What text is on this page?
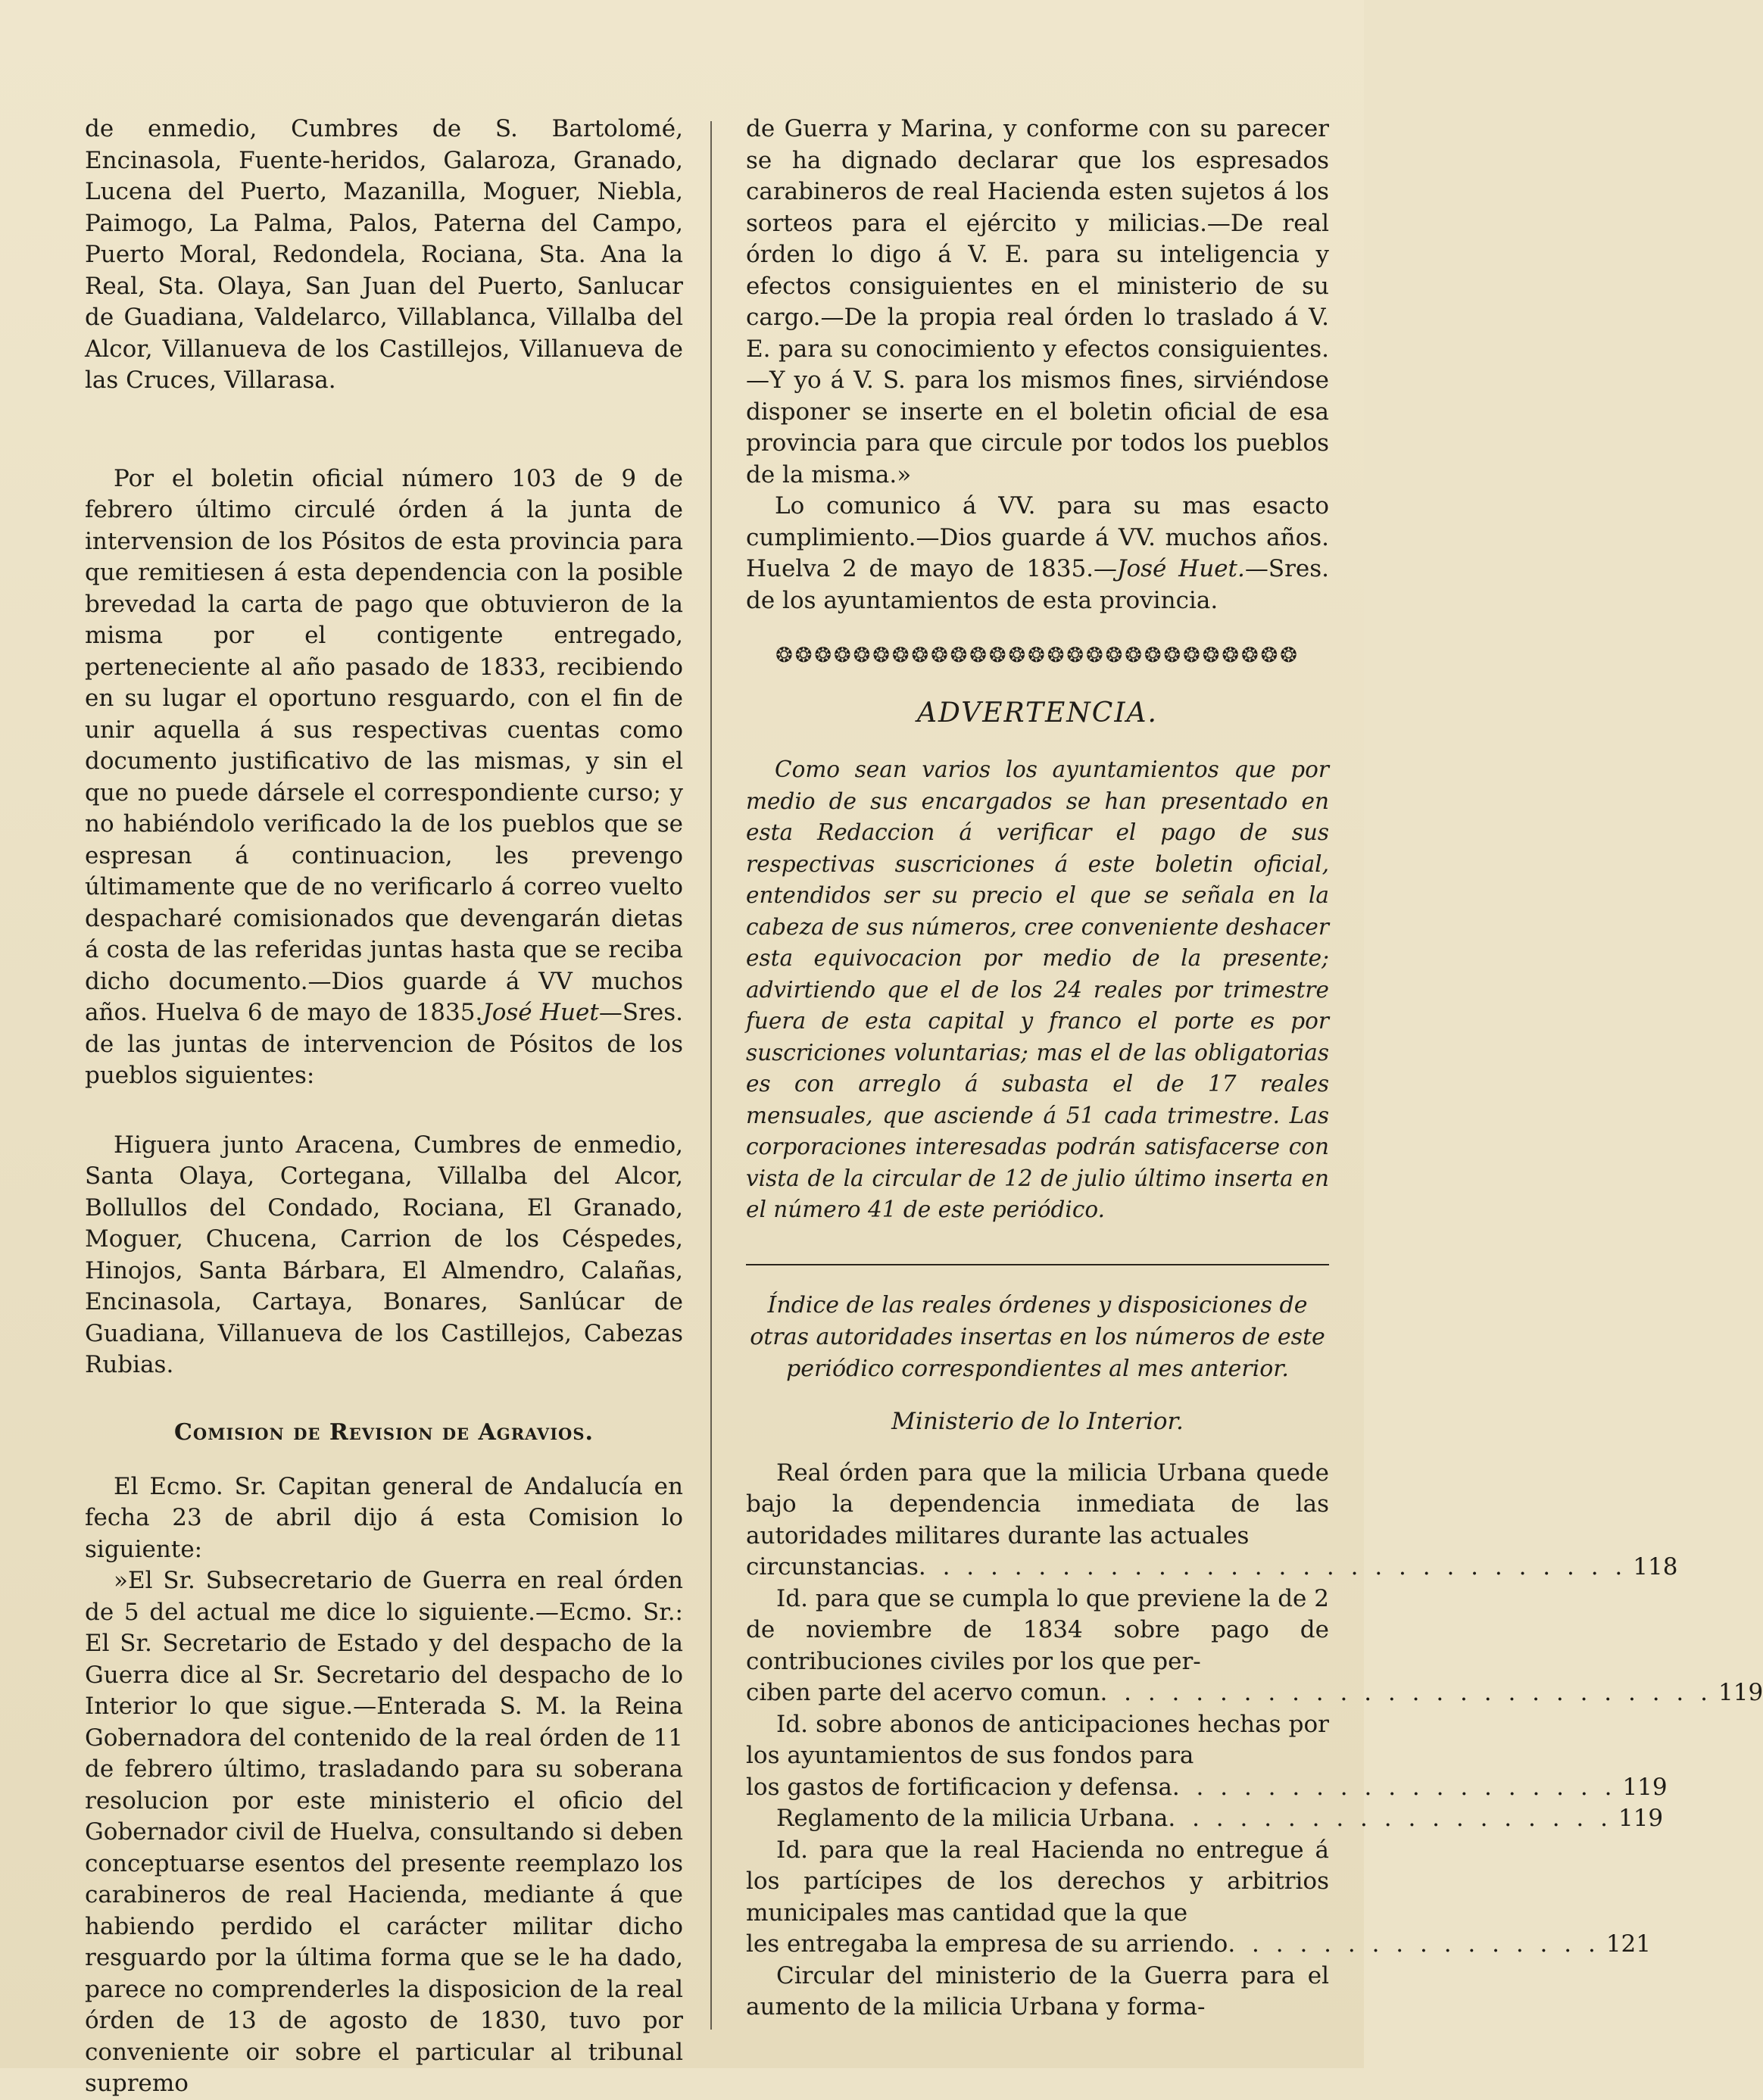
de enmedio, Cumbres de S. Bartolomé, Encinasola, Fuente-heridos, Galaroza, Granado, Lucena del Puerto, Mazanilla, Moguer, Niebla, Paimogo, La Palma, Palos, Paterna del Campo, Puerto Moral, Redondela, Rociana, Sta. Ana la Real, Sta. Olaya, San Juan del Puerto, Sanlucar de Guadiana, Valdelarco, Villablanca, Villalba del Alcor, Villanueva de los Castillejos, Villanueva de las Cruces, Villarasa.

Por el boletin oficial número 103 de 9 de febrero último circulé órden á la junta de intervension de los Pósitos de esta provincia para que remitiesen á esta dependencia con la posible brevedad la carta de pago que obtuvieron de la misma por el contigente entregado, perteneciente al año pasado de 1833, recibiendo en su lugar el oportuno resguardo, con el fin de unir aquella á sus respectivas cuentas como documento justificativo de las mismas, y sin el que no puede dársele el correspondiente curso; y no habiéndolo verificado la de los pueblos que se espresan á continuacion, les prevengo últimamente que de no verificarlo á correo vuelto despacharé comisionados que devengarán dietas á costa de las referidas juntas hasta que se reciba dicho documento.—Dios guarde á VV muchos años. Huelva 6 de mayo de 1835.José Huet—Sres. de las juntas de intervencion de Pósitos de los pueblos siguientes:

Higuera junto Aracena, Cumbres de enmedio, Santa Olaya, Cortegana, Villalba del Alcor, Bollullos del Condado, Rociana, El Granado, Moguer, Chucena, Carrion de los Céspedes, Hinojos, Santa Bárbara, El Almendro, Calañas, Encinasola, Cartaya, Bonares, Sanlúcar de Guadiana, Villanueva de los Castillejos, Cabezas Rubias.

Comision de Revision de Agravios.

El Ecmo. Sr. Capitan general de Andalucía en fecha 23 de abril dijo á esta Comision lo siguiente:

»El Sr. Subsecretario de Guerra en real órden de 5 del actual me dice lo siguiente.—Ecmo. Sr.: El Sr. Secretario de Estado y del despacho de la Guerra dice al Sr. Secretario del despacho de lo Interior lo que sigue.—Enterada S. M. la Reina Gobernadora del contenido de la real órden de 11 de febrero último, trasladando para su soberana resolucion por este ministerio el oficio del Gobernador civil de Huelva, consultando si deben conceptuarse esentos del presente reemplazo los carabineros de real Hacienda, mediante á que habiendo perdido el carácter militar dicho resguardo por la última forma que se le ha dado, parece no comprenderles la disposicion de la real órden de 13 de agosto de 1830, tuvo por conveniente oir sobre el particular al tribunal supremo

de Guerra y Marina, y conforme con su parecer se ha dignado declarar que los espresados carabineros de real Hacienda esten sujetos á los sorteos para el ejército y milicias.—De real órden lo digo á V. E. para su inteligencia y efectos consiguientes en el ministerio de su cargo.—De la propia real órden lo traslado á V. E. para su conocimiento y efectos consiguientes.—Y yo á V. S. para los mismos fines, sirviéndose disponer se inserte en el boletin oficial de esa provincia para que circule por todos los pueblos de la misma.»

Lo comunico á VV. para su mas esacto cumplimiento.—Dios guarde á VV. muchos años. Huelva 2 de mayo de 1835.—José Huet.—Sres. de los ayuntamientos de esta provincia.

❂❂❂❂❂❂❂❂❂❂❂❂❂❂❂❂❂❂❂❂❂❂❂❂❂❂❂
ADVERTENCIA.

Como sean varios los ayuntamientos que por medio de sus encargados se han presentado en esta Redaccion á verificar el pago de sus respectivas suscriciones á este boletin oficial, entendidos ser su precio el que se señala en la cabeza de sus números, cree conveniente deshacer esta equivocacion por medio de la presente; advirtiendo que el de los 24 reales por trimestre fuera de esta capital y franco el porte es por suscriciones voluntarias; mas el de las obligatorias es con arreglo á subasta el de 17 reales mensuales, que asciende á 51 cada trimestre. Las corporaciones interesadas podrán satisfacerse con vista de la circular de 12 de julio último inserta en el número 41 de este periódico.

Índice de las reales órdenes y disposiciones de otras autoridades insertas en los números de este periódico correspondientes al mes anterior.

Ministerio de lo Interior.
Real órden para que la milicia Urbana quede bajo la dependencia inmediata de las autoridades militares durante las actuales
circunstancias . . . . . . . . . . . . . . . . . . . . . . . . . . . . . . 118
Id. para que se cumpla lo que previene la de 2 de noviembre de 1834 sobre pago de contribuciones civiles por los que per-
ciben parte del acervo comun . . . . . . . . . . . . . . . . . . . . . . . . . . 119
Id. sobre abonos de anticipaciones hechas por los ayuntamientos de sus fondos para
los gastos de fortificacion y defensa . . . . . . . . . . . . . . . . . . . 119
Reglamento de la milicia Urbana . . . . . . . . . . . . . . . . . . . 119
Id. para que la real Hacienda no entregue á los partícipes de los derechos y arbitrios municipales mas cantidad que la que
les entregaba la empresa de su arriendo . . . . . . . . . . . . . . . . 121
Circular del ministerio de la Guerra para el aumento de la milicia Urbana y forma-
